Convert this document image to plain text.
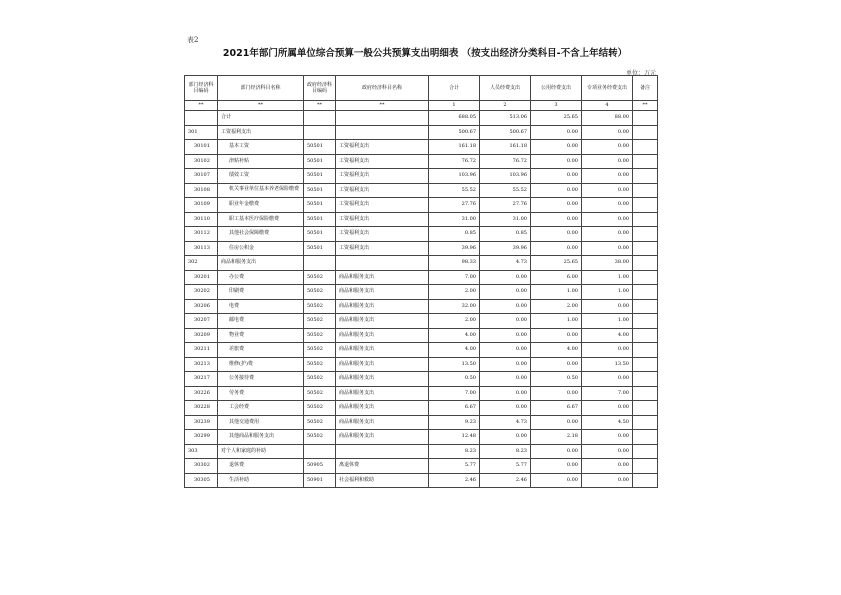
表2
2021年部门所属单位综合预算一般公共预算支出明细表 （按支出经济分类科目-不含上年结转）
单位：万元
部门经济科目编码	部门经济科目名称	政府经济科目编码	政府经济科目名称	合计	人员经费支出	公用经费支出	专项业务经费支出	备注
**	**	**	**	1	2	3	4	**
	合计			688.05	513.06	25.65	88.00	
301	工资福利支出			500.67	500.67	0.00	0.00	
30101	基本工资	50501	工资福利支出	161.18	161.18	0.00	0.00	
30102	津贴补贴	50501	工资福利支出	76.72	76.72	0.00	0.00	
30107	绩效工资	50501	工资福利支出	103.96	103.96	0.00	0.00	
30108	机关事业单位基本养老保险缴费	50501	工资福利支出	55.52	55.52	0.00	0.00	
30109	职业年金缴费	50501	工资福利支出	27.76	27.76	0.00	0.00	
30110	职工基本医疗保险缴费	50501	工资福利支出	31.00	31.00	0.00	0.00	
30112	其他社会保障缴费	50501	工资福利支出	0.85	0.85	0.00	0.00	
30113	住房公积金	50501	工资福利支出	39.96	39.96	0.00	0.00	
302	商品和服务支出			98.33	4.73	25.65	38.00	
30201	办公费	50502	商品和服务支出	7.00	0.00	6.00	1.00	
30202	印刷费	50502	商品和服务支出	2.00	0.00	1.00	1.00	
30206	电费	50502	商品和服务支出	32.00	0.00	2.00	0.00	
30207	邮电费	50502	商品和服务支出	2.00	0.00	1.00	1.00	
30209	物业费	50502	商品和服务支出	4.00	0.00	0.00	4.00	
30211	差旅费	50502	商品和服务支出	4.00	0.00	4.00	0.00	
30213	维修(护)费	50502	商品和服务支出	13.50	0.00	0.00	13.50	
30217	公务接待费	50502	商品和服务支出	0.50	0.00	0.50	0.00	
30226	劳务费	50502	商品和服务支出	7.00	0.00	0.00	7.00	
30228	工会经费	50502	商品和服务支出	6.67	0.00	6.67	0.00	
30239	其他交通费用	50502	商品和服务支出	9.23	4.73	0.00	4.50	
30299	其他商品和服务支出	50502	商品和服务支出	12.48	0.00	2.18	0.00	
303	对个人和家庭的补助			8.23	8.23	0.00	0.00	
30302	退休费	50905	离退休费	5.77	5.77	0.00	0.00	
30305	生活补助	50901	社会福利和救助	2.46	2.46	0.00	0.00	
